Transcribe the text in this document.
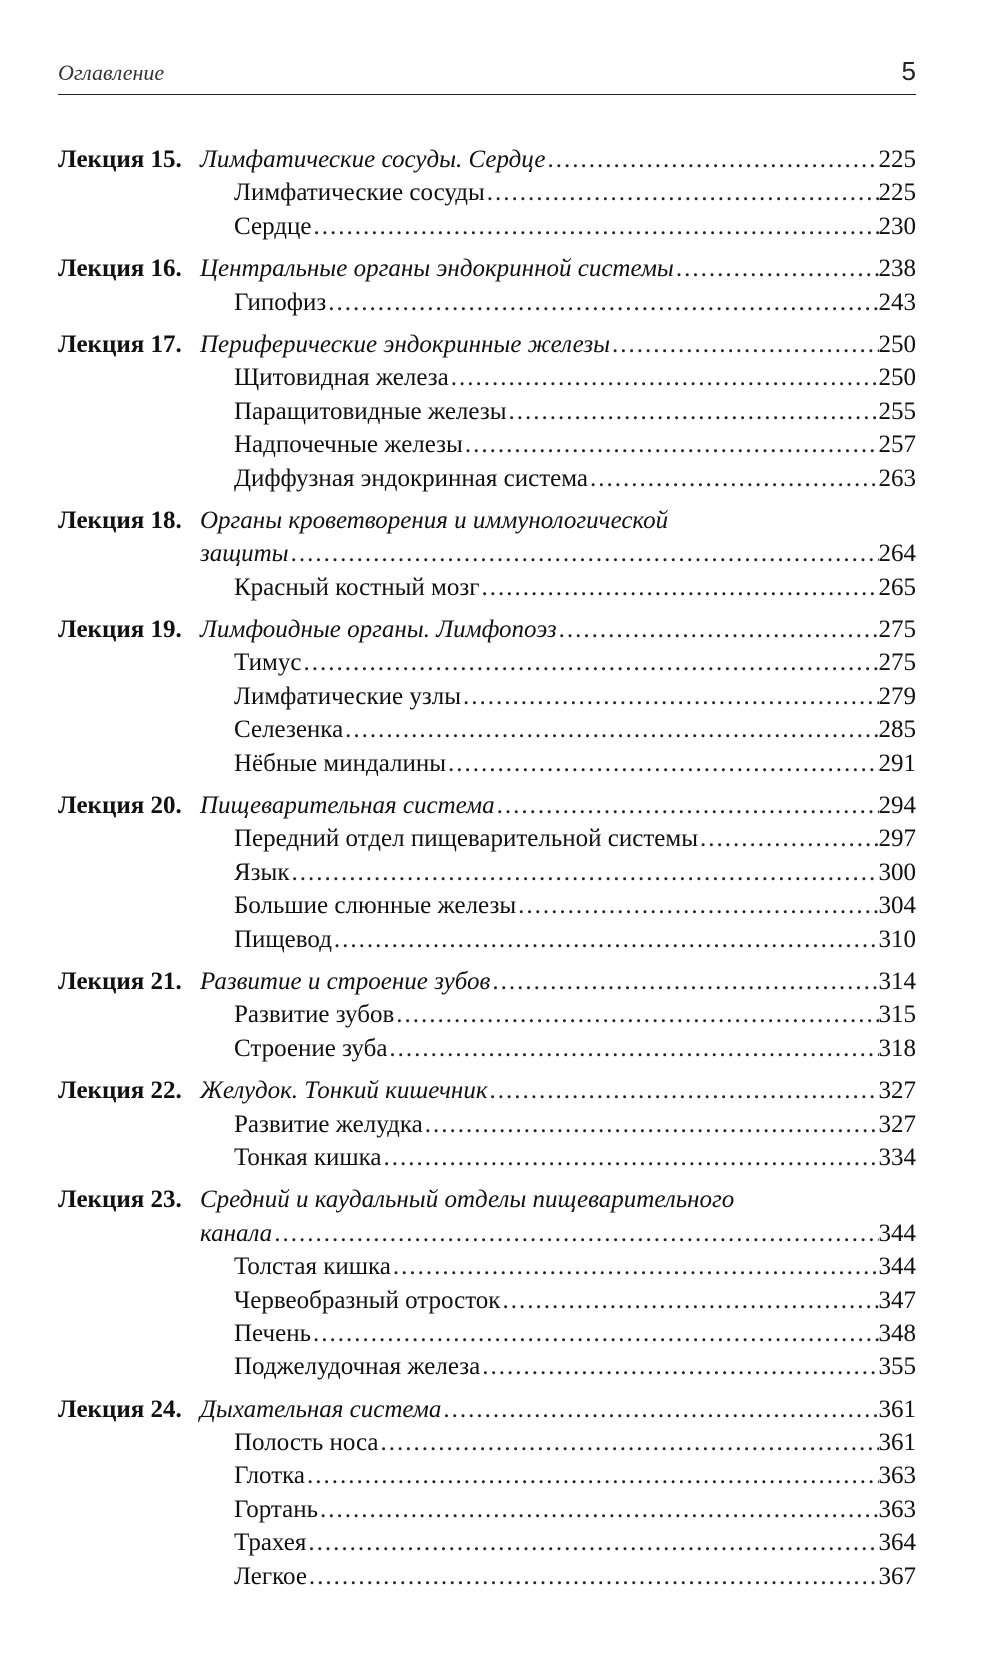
Оглавление	5
Лекция 15. Лимфатические сосуды. Сердце .....	225
Лимфатические сосуды .....	225
Сердце .....	230
Лекция 16. Центральные органы эндокринной системы .....	238
Гипофиз .....	243
Лекция 17. Периферические эндокринные железы .....	250
Щитовидная железа .....	250
Паращитовидные железы .....	255
Надпочечные железы .....	257
Диффузная эндокринная система .....	263
Лекция 18. Органы кроветворения и иммунологической
защиты .....	264
Красный костный мозг .....	265
Лекция 19. Лимфоидные органы. Лимфопоэз .....	275
Тимус .....	275
Лимфатические узлы .....	279
Селезенка .....	285
Нёбные миндалины .....	291
Лекция 20. Пищеварительная система .....	294
Передний отдел пищеварительной системы .....	297
Язык .....	300
Большие слюнные железы .....	304
Пищевод .....	310
Лекция 21. Развитие и строение зубов .....	314
Развитие зубов .....	315
Строение зуба .....	318
Лекция 22. Желудок. Тонкий кишечник .....	327
Развитие желудка .....	327
Тонкая кишка .....	334
Лекция 23. Средний и каудальный отделы пищеварительного
канала .....	344
Толстая кишка .....	344
Червеобразный отросток .....	347
Печень .....	348
Поджелудочная железа .....	355
Лекция 24. Дыхательная система .....	361
Полость носа .....	361
Глотка .....	363
Гортань .....	363
Трахея .....	364
Легкое .....	367
